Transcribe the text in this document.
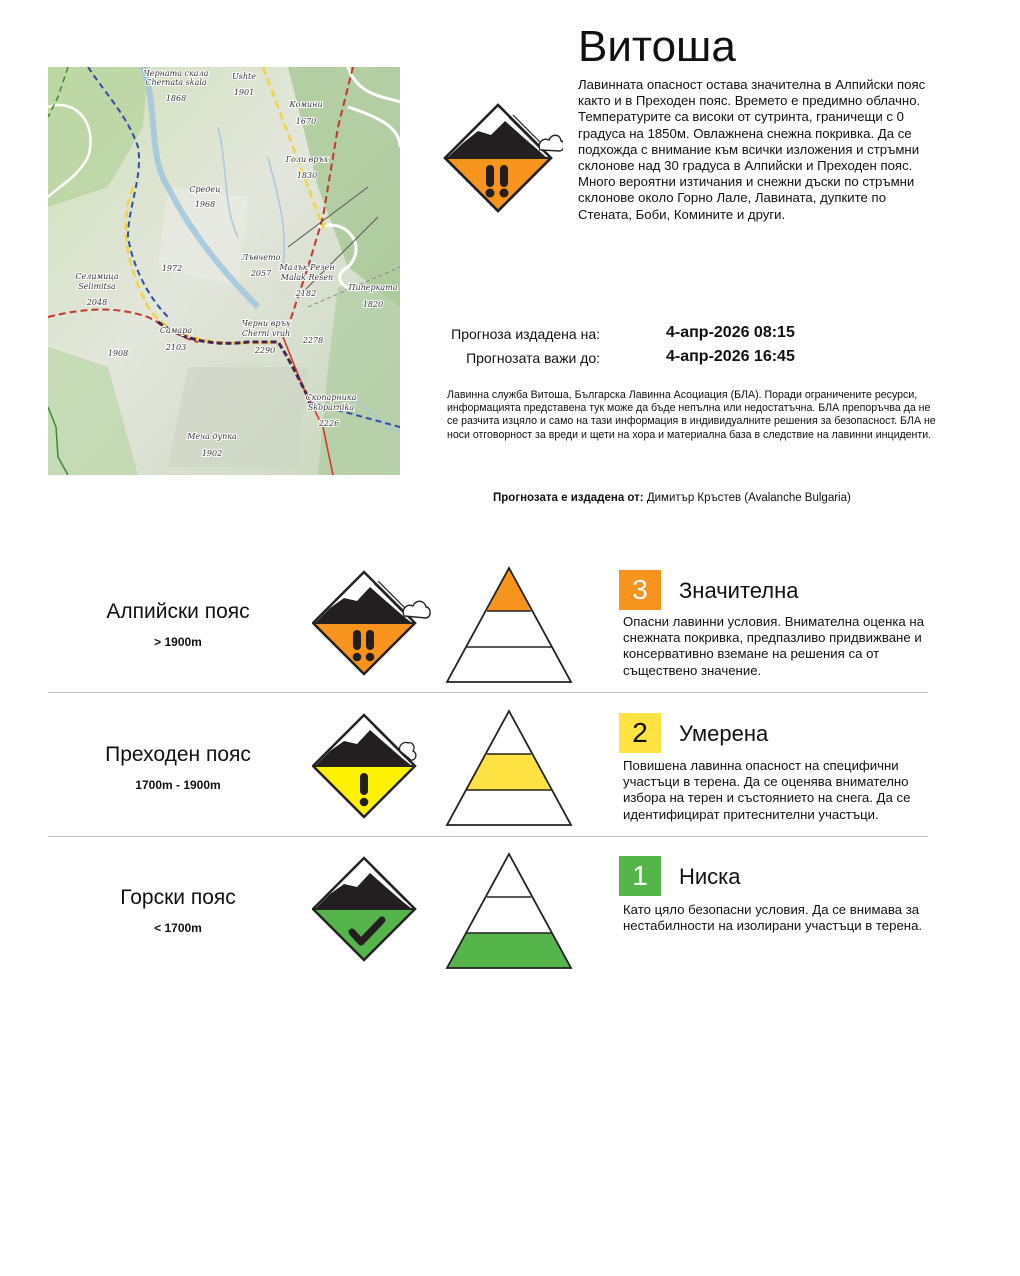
Черната скала
Chernata skala
1868
Ushte
1901
Комини
1670
Голи връх
1830
Средец
1968
1972
Лъвчето
2057
Малък Резен
Malak Resen
2182
Селимица
Selimitsa
2048
Пиперката
1820
1908
Самара
2103
Черни връх
Cherni vrah
2290
2278
Скопарника
Skoparnika
2226
Меча дупка
1902
Витоша

Лавинната опасност остава значителна в Алпийски пояс както и в Преходен пояс. Времето е предимно облачно. Температурите са високи от сутринта, граничещи с 0 градуса на 1850м. Овлажнена снежна покривка. Да се подхожда с внимание към всички изложения и стръмни склонове над 30 градуса в Алпийски и Преходен пояс. Много вероятни изтичания и снежни дъски по стръмни склонове около Горно Лале, Лавината, дупките по Стената, Боби, Комините и други.

Прогноза издадена на:	4-апр-2026 08:15
Прогнозата важи до:	4-апр-2026 16:45

Лавинна служба Витоша, Българска Лавинна Асоциация (БЛА). Поради ограничените ресурси, информацията представена тук може да бъде непълна или недостатъчна. БЛА препоръчва да не се разчита изцяло и само на тази информация в индивидуалните решения за безопасност. БЛА не носи отговорност за вреди и щети на хора и материална база в следствие на лавинни инциденти.

Прогнозата е издадена от: Димитър Кръстев (Avalanche Bulgaria)
Алпийски пояс
> 1900m
3	Значителна

Опасни лавинни условия. Внимателна оценка на снежната покривка, предпазливо придвижване и консервативно вземане на решения са от съществено значение.

Преходен пояс
1700m - 1900m
2	Умерена

Повишена лавинна опасност на специфични участъци в терена. Да се оценява внимателно избора на терен и състоянието на снега. Да се идентифицират притеснителни участъци.

Горски пояс
< 1700m
1	Ниска

Като цяло безопасни условия. Да се внимава за нестабилности на изолирани участъци в терена.
